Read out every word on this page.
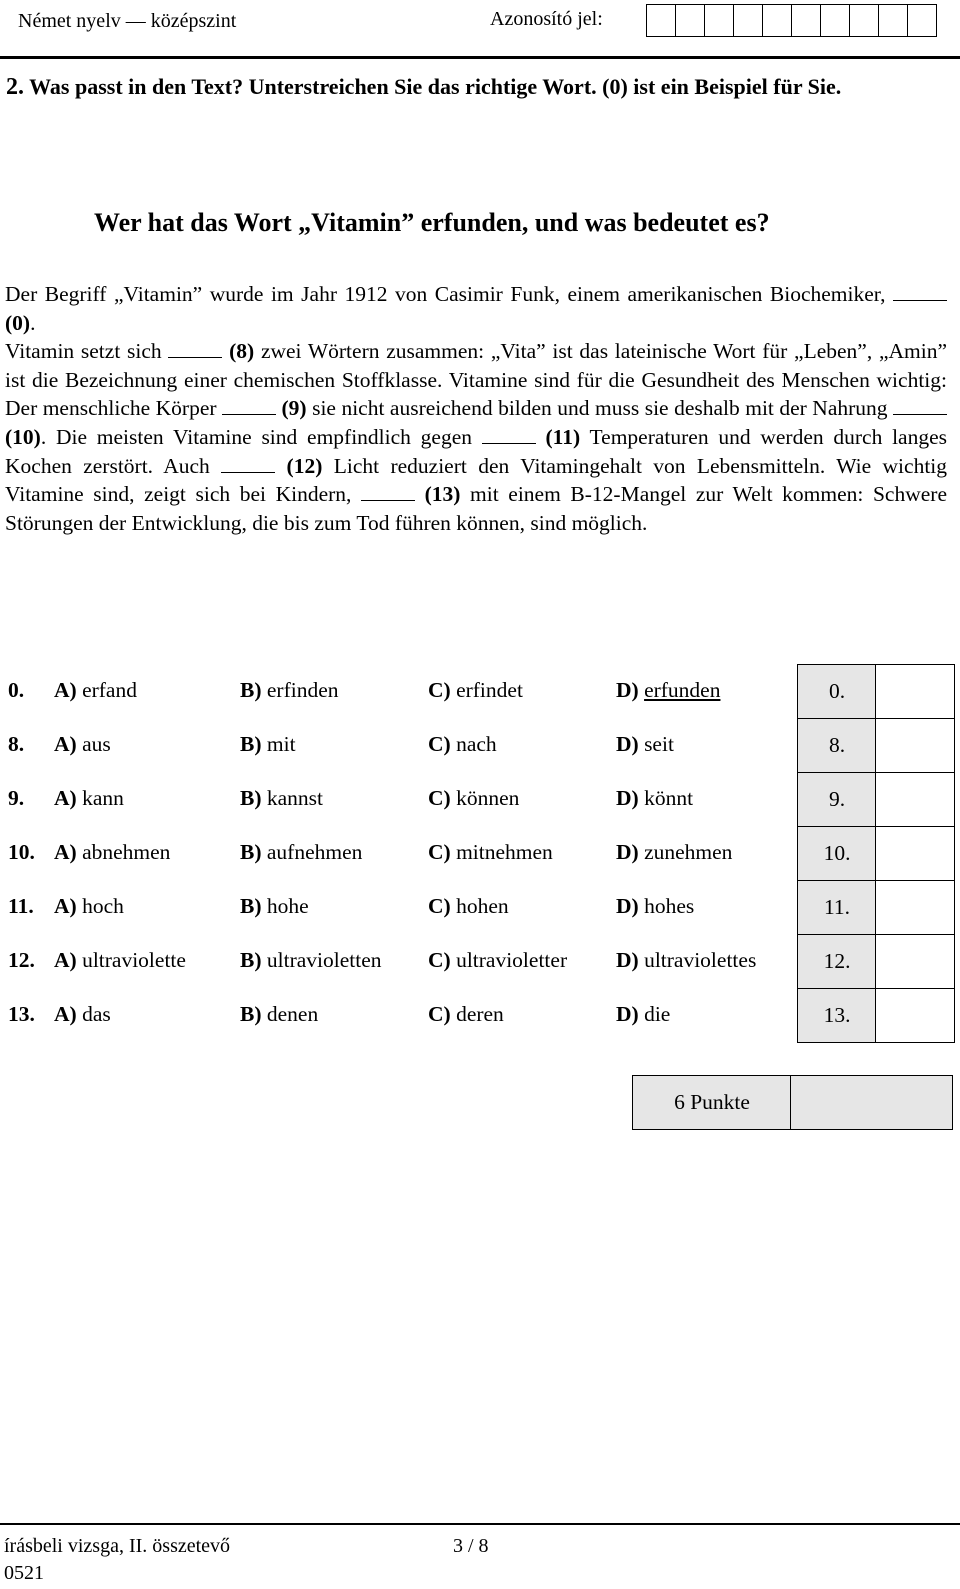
Német nyelv — középszint	Azonosító jel:
2. Was passt in den Text? Unterstreichen Sie das richtige Wort. (0) ist ein Beispiel für Sie.
Wer hat das Wort „Vitamin” erfunden, und was bedeutet es?
Der Begriff „Vitamin” wurde im Jahr 1912 von Casimir Funk, einem amerikanischen Biochemiker,  (0).
Vitamin setzt sich	(8) zwei Wörtern zusammen: „Vita” ist das lateinische Wort für „Leben”, „Amin” ist die Bezeichnung einer chemischen Stoffklasse. Vitamine sind für die Gesundheit des Menschen wichtig: Der menschliche Körper	(9) sie nicht ausreichend bilden und muss sie deshalb mit der Nahrung  (10). Die meisten Vitamine sind empfindlich gegen	(11) Temperaturen und werden durch langes Kochen zerstört. Auch	(12) Licht reduziert den Vitamingehalt von Lebensmitteln. Wie wichtig Vitamine sind, zeigt sich bei Kindern,	(13) mit einem B-12-Mangel zur Welt kommen: Schwere Störungen der Entwicklung, die bis zum Tod führen können, sind möglich.
0. A) erfand	B) erfinden	C) erfindet	D) erfunden
8. A) aus	B) mit	C) nach	D) seit
9. A) kann	B) kannst	C) können	D) könnt
10. A) abnehmen	B) aufnehmen	C) mitnehmen	D) zunehmen
11. A) hoch	B) hohe	C) hohen	D) hohes
12. A) ultraviolette	B) ultravioletten C) ultravioletter D) ultraviolettes
13. A) das	B) denen	C) deren	D) die
0.
8.
9.
10.
11.
12.
13.
6 Punkte
írásbeli vizsga, II. összetevő	3 / 8
0521
